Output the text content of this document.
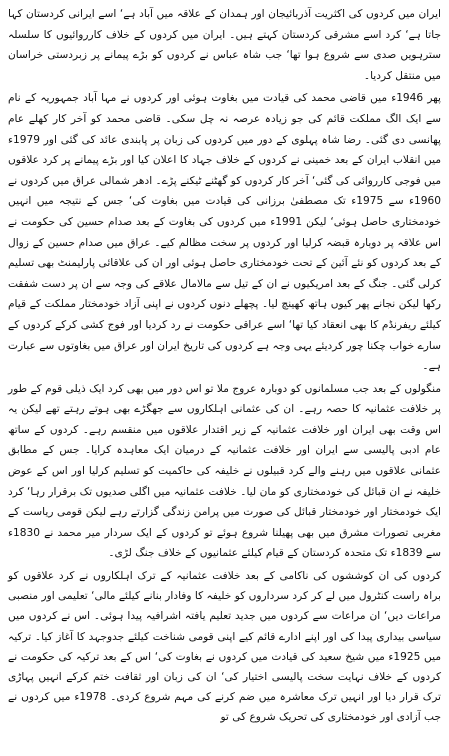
ایران میں کردوں کی اکثریت آذربائیجان اور ہمدان کے علاقہ میں آباد ہے‘ اسے ایرانی کردستان کہا جاتا ہے‘ کرد اسے مشرقی کردستان کہتے ہیں۔ ایران میں کردوں کے خلاف کارروائیوں کا سلسلہ سترہویں صدی سے شروع ہوا تھا‘ جب شاہ عباس نے کردوں کو بڑے پیمانے پر زبردستی خراسان میں منتقل کردیا۔

پھر 1946ء میں قاضی محمد کی قیادت میں بغاوت ہوئی اور کردوں نے مہا آباد جمہوریہ کے نام سے ایک الگ مملکت قائم کی جو زیادہ عرصہ نہ چل سکی۔ قاضی محمد کو آخر کار کھلے عام پھانسی دی گئی۔ رضا شاہ پہلوی کے دور میں کردوں کی زبان پر پابندی عائد کی گئی اور 1979ء میں انقلاب ایران کے بعد خمینی نے کردوں کے خلاف جہاد کا اعلان کیا اور بڑے پیمانے پر کرد علاقوں میں فوجی کارروائی کی گئی‘ آخر کار کردوں کو گھٹنے ٹیکنے پڑے۔ ادھر شمالی عراق میں کردوں نے 1960ء سے 1975ء تک مصطفیٰ برزانی کی قیادت میں بغاوت کی‘ جس کے نتیجہ میں انہیں خودمختاری حاصل ہوئی‘ لیکن 1991ء میں کردوں کی بغاوت کے بعد صدام حسین کی حکومت نے اس علاقہ پر دوبارہ قبضہ کرلیا اور کردوں پر سخت مظالم کیے۔ عراق میں صدام حسین کے زوال کے بعد کردوں کو نئے آئین کے تحت خودمختاری حاصل ہوئی اور ان کی علاقائی پارلیمنٹ بھی تسلیم کرلی گئی۔ جنگ کے بعد امریکیوں نے ان کے تیل سے مالامال علاقے کی وجہ سے ان پر دست شفقت رکھا لیکن نجانے پھر کیوں ہاتھ کھینچ لیا۔ پچھلے دنوں کردوں نے اپنی آزاد خودمختار مملکت کے قیام کیلئے ریفرنڈم کا بھی انعقاد کیا تھا‘ اسے عراقی حکومت نے رد کردیا اور فوج کشی کرکے کردوں کے سارے خواب چکنا چور کردیئے یہی وجہ ہے کردوں کی تاریخ ایران اور عراق میں بغاوتوں سے عبارت ہے۔

منگولوں کے بعد جب مسلمانوں کو دوبارہ عروج ملا تو اس دور میں بھی کرد ایک ذیلی قوم کے طور پر خلافت عثمانیہ کا حصہ رہے۔ ان کی عثمانی اہلکاروں سے جھگڑے بھی ہوتے رہتے تھے لیکن یہ اس وقت بھی ایران اور خلافت عثمانیہ کے زیر اقتدار علاقوں میں منقسم رہے۔ کردوں کے ساتھ عام ادبی پالیسی سے ایران اور خلافت عثمانیہ کے درمیان ایک معاہدہ کرایا۔ جس کے مطابق عثمانی علاقوں میں رہنے والے کرد قبیلوں نے خلیفہ کی حاکمیت کو تسلیم کرلیا اور اس کے عوض خلیفہ نے ان قبائل کی خودمختاری کو مان لیا۔ خلافت عثمانیہ میں اگلی صدیوں تک برقرار رہا‘ کرد ایک خودمختار اور خودمختار قبائل کی صورت میں پرامن زندگی گزارتے رہے لیکن قومی ریاست کے مغربی تصورات مشرق میں بھی پھیلنا شروع ہوئے تو کردوں کے ایک سردار میر محمد نے 1830ء سے 1839ء تک متحدہ کردستان کے قیام کیلئے عثمانیوں کے خلاف جنگ لڑی۔

کردوں کی ان کوششوں کی ناکامی کے بعد خلافت عثمانیہ کے ترک اہلکاروں نے کرد علاقوں کو براہ راست کنٹرول میں لے کر کرد سرداروں کو خلیفہ کا وفادار بنانے کیلئے مالی‘ تعلیمی اور منصبی مراعات دیں‘ ان مراعات سے کردوں میں جدید تعلیم یافتہ اشرافیہ پیدا ہوئی۔ اس نے کردوں میں سیاسی بیداری پیدا کی اور اپنے ادارے قائم کیے اپنی قومی شناخت کیلئے جدوجہد کا آغاز کیا۔ ترکیہ میں 1925ء میں شیخ سعید کی قیادت میں کردوں نے بغاوت کی‘ اس کے بعد ترکیہ کی حکومت نے کردوں کے خلاف نہایت سخت پالیسی اختیار کی‘ ان کی زبان اور ثقافت ختم کرکے انہیں پہاڑی ترک قرار دیا اور انہیں ترک معاشرہ میں ضم کرنے کی مہم شروع کردی۔ 1978ء میں کردوں نے جب آزادی اور خودمختاری کی تحریک شروع کی تو
